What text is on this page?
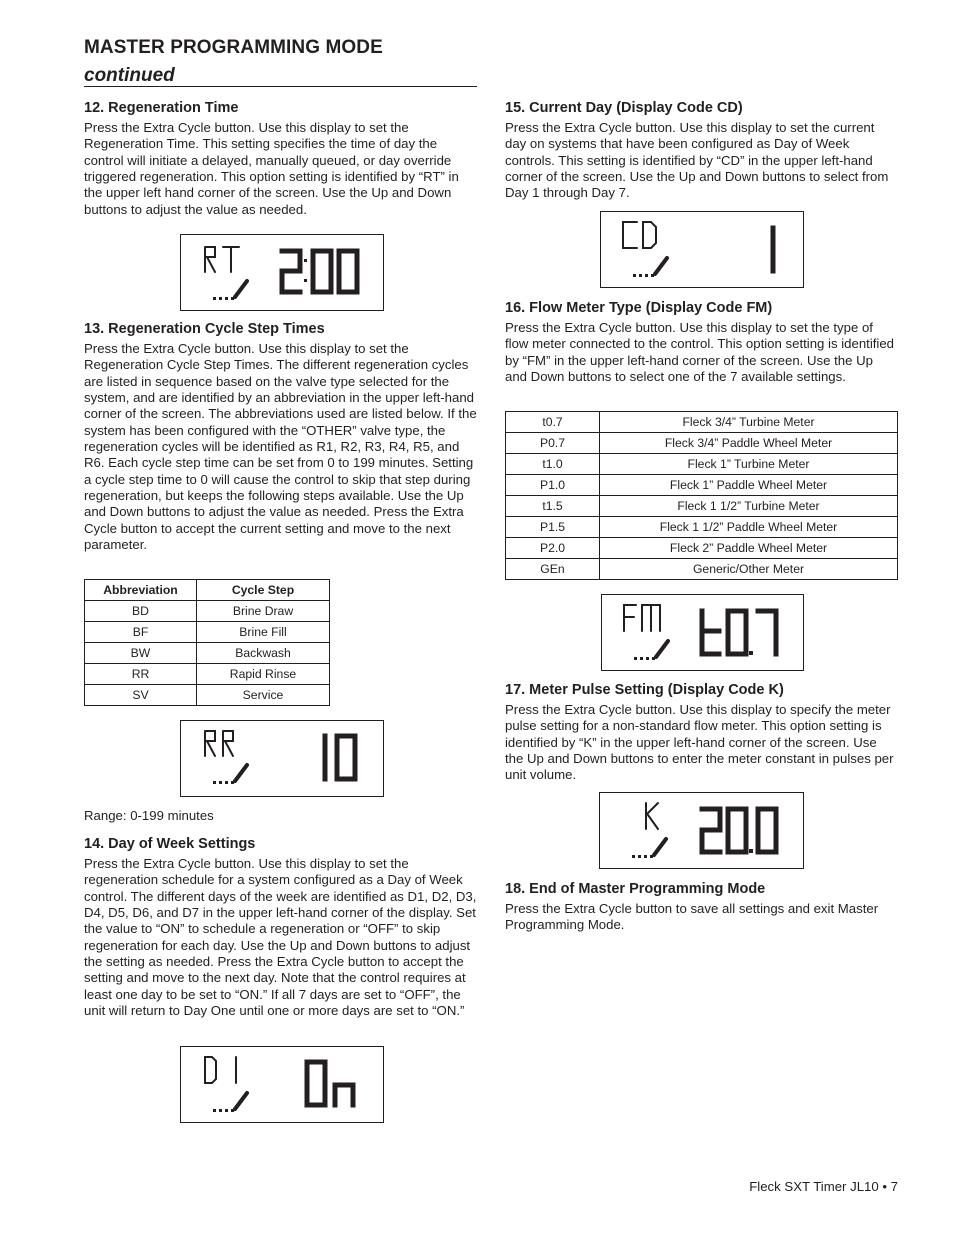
MASTER PROGRAMMING MODE
continued
12. Regeneration Time

Press the Extra Cycle button. Use this display to set the Regeneration Time. This setting specifies the time of day the control will initiate a delayed, manually queued, or day override triggered regeneration. This option setting is identified by “RT” in the upper left hand corner of the screen. Use the Up and Down buttons to adjust the value as needed.

13. Regeneration Cycle Step Times

Press the Extra Cycle button. Use this display to set the Regeneration Cycle Step Times. The different regeneration cycles are listed in sequence based on the valve type selected for the system, and are identified by an abbreviation in the upper left-hand corner of the screen. The abbreviations used are listed below. If the system has been configured with the “OTHER” valve type, the regeneration cycles will be identified as R1, R2, R3, R4, R5, and R6. Each cycle step time can be set from 0 to 199 minutes. Setting a cycle step time to 0 will cause the control to skip that step during regeneration, but keeps the following steps available. Use the Up and Down buttons to adjust the value as needed. Press the Extra Cycle button to accept the current setting and move to the next parameter.

Abbreviation	Cycle Step
BD	Brine Draw
BF	Brine Fill
BW	Backwash
RR	Rapid Rinse
SV	Service
Range: 0-199 minutes
14. Day of Week Settings

Press the Extra Cycle button. Use this display to set the regeneration schedule for a system configured as a Day of Week control. The different days of the week are identified as D1, D2, D3, D4, D5, D6, and D7 in the upper left-hand corner of the display. Set the value to “ON” to schedule a regeneration or “OFF” to skip regeneration for each day. Use the Up and Down buttons to adjust the setting as needed. Press the Extra Cycle button to accept the setting and move to the next day. Note that the control requires at least one day to be set to “ON.” If all 7 days are set to “OFF”, the unit will return to Day One until one or more days are set to “ON.”

15. Current Day (Display Code CD)

Press the Extra Cycle button. Use this display to set the current day on systems that have been configured as Day of Week controls. This setting is identified by “CD” in the upper left-hand corner of the screen. Use the Up and Down buttons to select from Day 1 through Day 7.

16. Flow Meter Type (Display Code FM)

Press the Extra Cycle button. Use this display to set the type of flow meter connected to the control. This option setting is identified by “FM” in the upper left-hand corner of the screen. Use the Up and Down buttons to select one of the 7 available settings.

t0.7	Fleck 3/4” Turbine Meter
P0.7	Fleck 3/4” Paddle Wheel Meter
t1.0	Fleck 1” Turbine Meter
P1.0	Fleck 1” Paddle Wheel Meter
t1.5	Fleck 1 1/2” Turbine Meter
P1.5	Fleck 1 1/2” Paddle Wheel Meter
P2.0	Fleck 2” Paddle Wheel Meter
GEn	Generic/Other Meter
17. Meter Pulse Setting (Display Code K)

Press the Extra Cycle button. Use this display to specify the meter pulse setting for a non-standard flow meter. This option setting is identified by “K” in the upper left-hand corner of the screen. Use the Up and Down buttons to enter the meter constant in pulses per unit volume.

18. End of Master Programming Mode

Press the Extra Cycle button to save all settings and exit Master Programming Mode.

Fleck SXT Timer JL10 • 7
